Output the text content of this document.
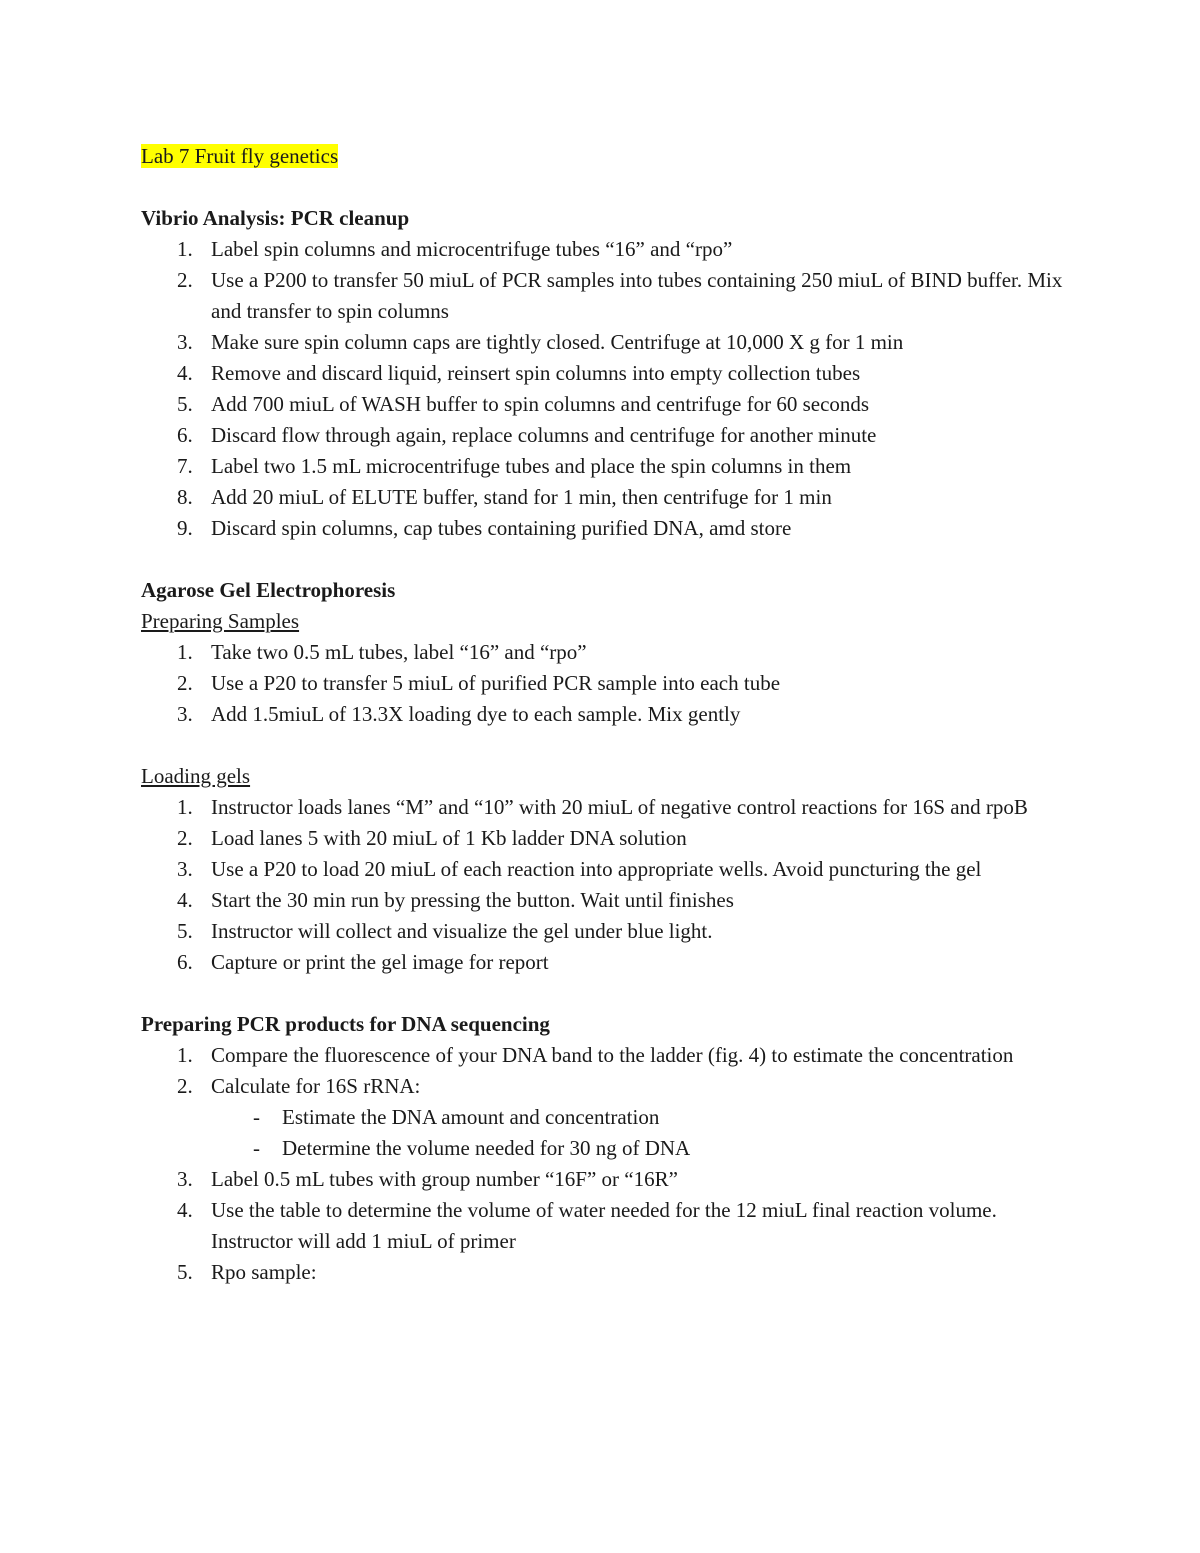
Lab 7 Fruit fly genetics

Vibrio Analysis: PCR cleanup

1. Label spin columns and microcentrifuge tubes “16” and “rpo”
2. Use a P200 to transfer 50 miuL of PCR samples into tubes containing 250 miuL of BIND buffer. Mix and transfer to spin columns
3. Make sure spin column caps are tightly closed. Centrifuge at 10,000 X g for 1 min
4. Remove and discard liquid, reinsert spin columns into empty collection tubes
5. Add 700 miuL of WASH buffer to spin columns and centrifuge for 60 seconds
6. Discard flow through again, replace columns and centrifuge for another minute
7. Label two 1.5 mL microcentrifuge tubes and place the spin columns in them
8. Add 20 miuL of ELUTE buffer, stand for 1 min, then centrifuge for 1 min
9. Discard spin columns, cap tubes containing purified DNA, amd store

Agarose Gel Electrophoresis

Preparing Samples

1. Take two 0.5 mL tubes, label “16” and “rpo”
2. Use a P20 to transfer 5 miuL of purified PCR sample into each tube
3. Add 1.5miuL of 13.3X loading dye to each sample. Mix gently

Loading gels

1. Instructor loads lanes “M” and “10” with 20 miuL of negative control reactions for 16S and rpoB
2. Load lanes 5 with 20 miuL of 1 Kb ladder DNA solution
3. Use a P20 to load 20 miuL of each reaction into appropriate wells. Avoid puncturing the gel
4. Start the 30 min run by pressing the button. Wait until finishes
5. Instructor will collect and visualize the gel under blue light.
6. Capture or print the gel image for report

Preparing PCR products for DNA sequencing

1. Compare the fluorescence of your DNA band to the ladder (fig. 4) to estimate the concentration
2. Calculate for 16S rRNA:
- Estimate the DNA amount and concentration
- Determine the volume needed for 30 ng of DNA
3. Label 0.5 mL tubes with group number “16F” or “16R”
4. Use the table to determine the volume of water needed for the 12 miuL final reaction volume. Instructor will add 1 miuL of primer
5. Rpo sample:
